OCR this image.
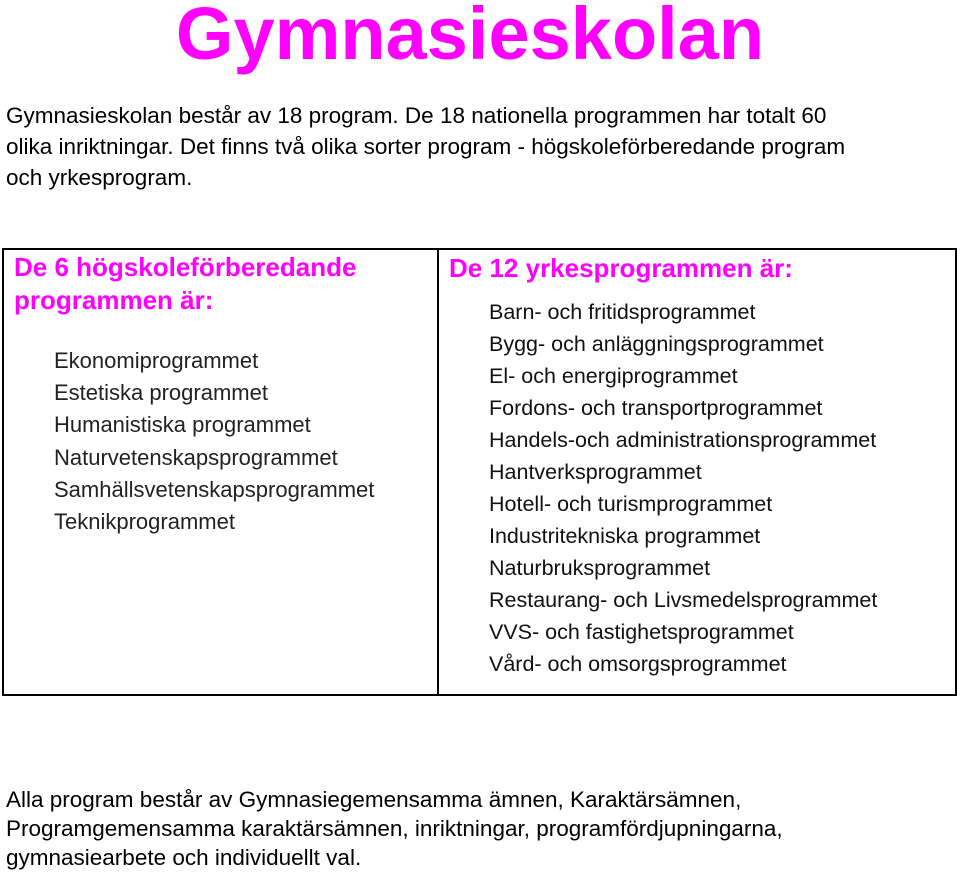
Gymnasieskolan

Gymnasieskolan består av 18 program. De 18 nationella programmen har totalt 60
olika inriktningar. Det finns två olika sorter program - högskoleförberedande program
och yrkesprogram.

De 6 högskoleförberedande programmen är:
Ekonomiprogrammet
Estetiska programmet
Humanistiska programmet
Naturvetenskapsprogrammet
Samhällsvetenskapsprogrammet
Teknikprogrammet
De 12 yrkesprogrammen är:
Barn- och fritidsprogrammet
Bygg- och anläggningsprogrammet
El- och energiprogrammet
Fordons- och transportprogrammet
Handels-och administrationsprogrammet
Hantverksprogrammet
Hotell- och turismprogrammet
Industritekniska programmet
Naturbruksprogrammet
Restaurang- och Livsmedelsprogrammet
VVS- och fastighetsprogrammet
Vård- och omsorgsprogrammet

Alla program består av Gymnasiegemensamma ämnen, Karaktärsämnen,
Programgemensamma karaktärsämnen, inriktningar, programfördjupningarna,
gymnasiearbete och individuellt val.
